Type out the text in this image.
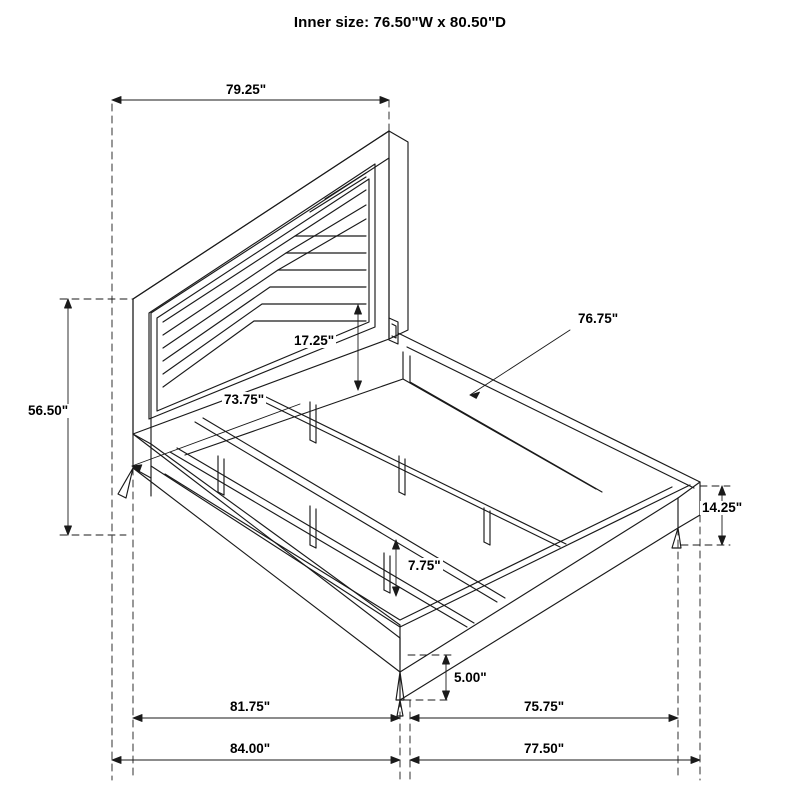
Inner size: 76.50"W x 80.50"D
79.25"
56.50"
17.25"
73.75"
76.75"
7.75"
14.25"
5.00"
81.75"	75.75"
84.00"	77.50"
